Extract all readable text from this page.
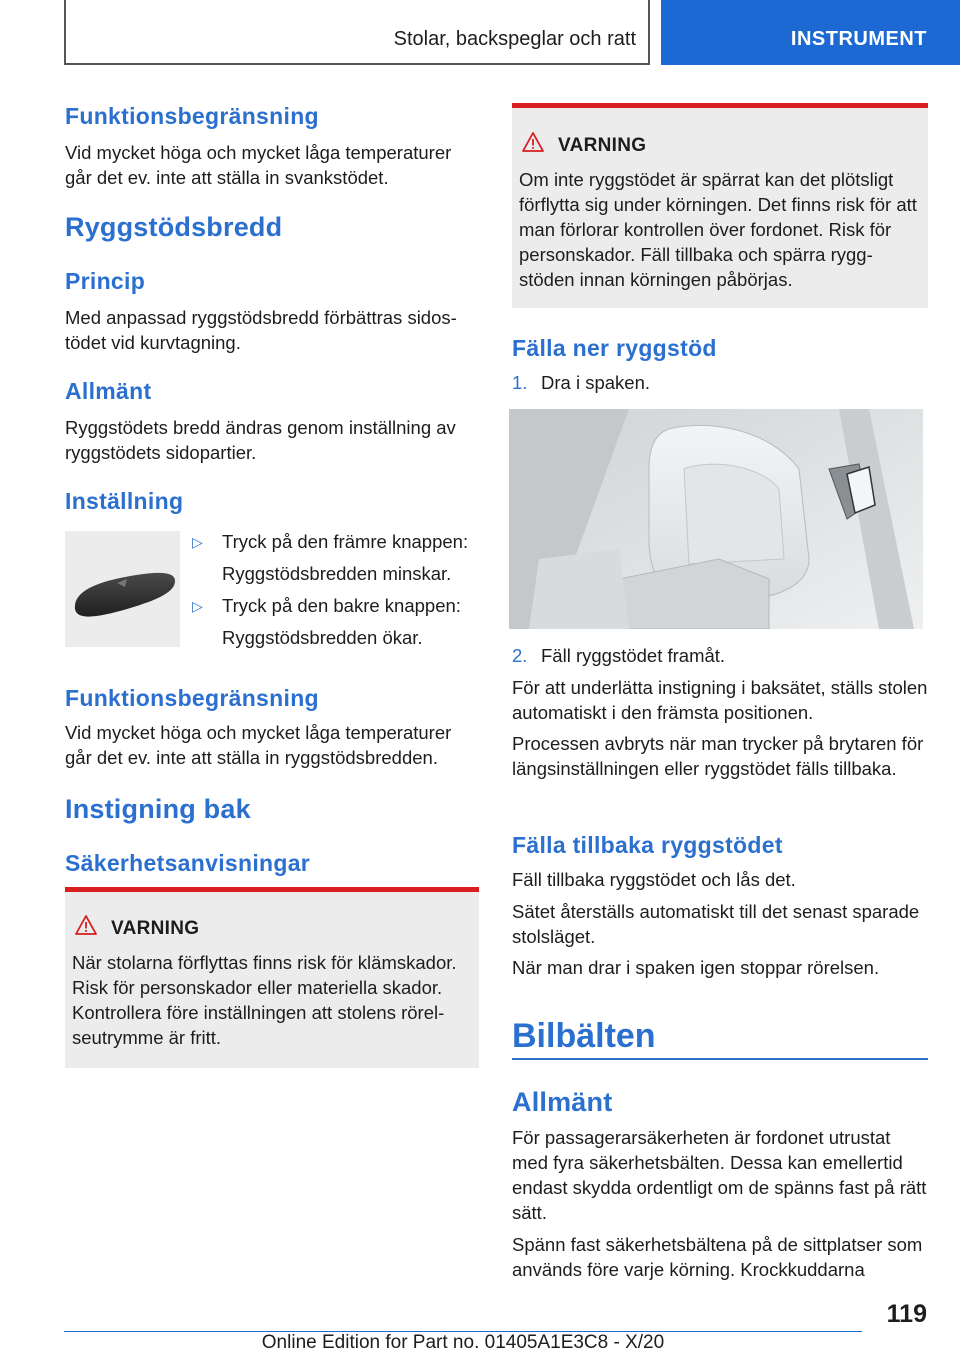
Stolar, backspeglar och ratt	INSTRUMENT
Funktionsbegränsning

Vid mycket höga och mycket låga temperaturer går det ev. inte att ställa in svankstödet.

Ryggstödsbredd
Princip

Med anpassad ryggstödsbredd förbättras sidostödet vid kurvtagning.

Allmänt

Ryggstödets bredd ändras genom inställning av ryggstödets sidopartier.

Inställning
▷ Tryck på den främre knappen:

Ryggstödsbredden minskar.

▷ Tryck på den bakre knappen:

Ryggstödsbredden ökar.

Funktionsbegränsning

Vid mycket höga och mycket låga temperaturer går det ev. inte att ställa in ryggstödsbredden.

Instigning bak
Säkerhetsanvisningar
VARNING
När stolarna förflyttas finns risk för klämskador. Risk för personskador eller materiella skador. Kontrollera före inställningen att stolens rörelseutrymme är fritt.
VARNING
Om inte ryggstödet är spärrat kan det plötsligt förflytta sig under körningen. Det finns risk för att man förlorar kontrollen över fordonet. Risk för personskador. Fäll tillbaka och spärra ryggstöden innan körningen påbörjas.
Fälla ner ryggstöd
1. Dra i spaken.
2. Fäll ryggstödet framåt.

För att underlätta instigning i baksätet, ställs stolen automatiskt i den främsta positionen.

Processen avbryts när man trycker på brytaren för längsinställningen eller ryggstödet fälls tillbaka.

Fälla tillbaka ryggstödet

Fäll tillbaka ryggstödet och lås det.

Sätet återställs automatiskt till det senast sparade stolsläget.

När man drar i spaken igen stoppar rörelsen.

Bilbälten
Allmänt

För passagerarsäkerheten är fordonet utrustat med fyra säkerhetsbälten. Dessa kan emellertid endast skydda ordentligt om de spänns fast på rätt sätt.

Spänn fast säkerhetsbältena på de sittplatser som används före varje körning. Krockkuddarna

119
Online Edition for Part no. 01405A1E3C8 - X/20
